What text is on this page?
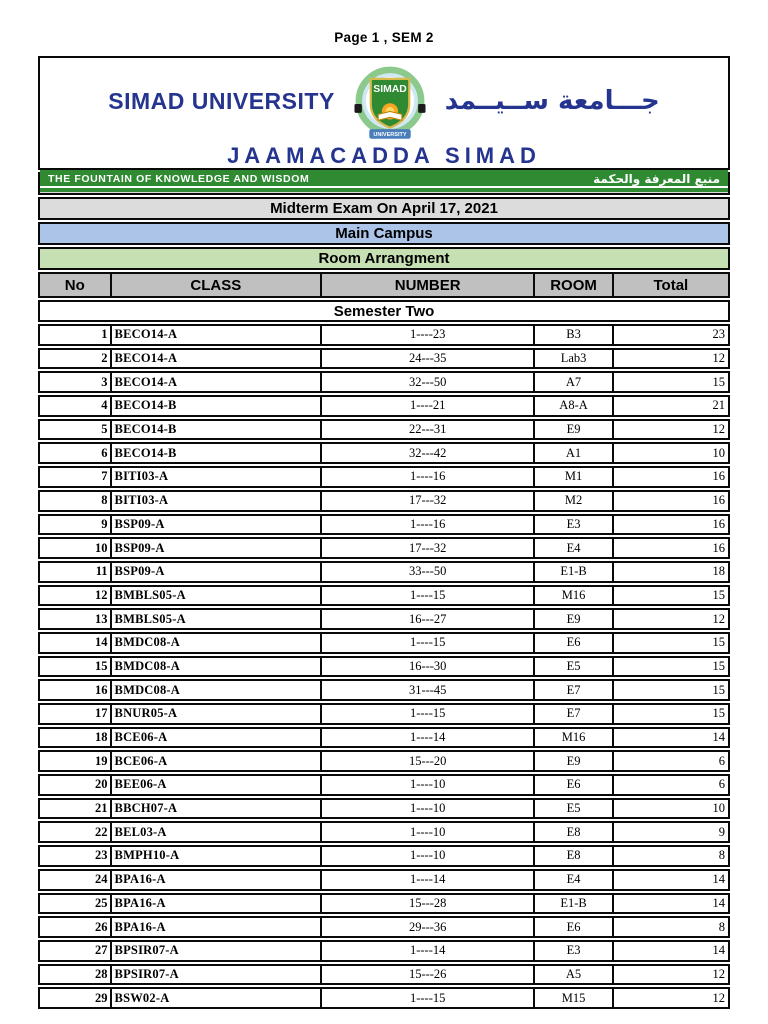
Page 1 , SEM 2
SIMAD UNIVERSITY	SIMAD
UNIVERSITY
جـــامعة ســيــمد
JAAMACADDA SIMAD
THE FOUNTAIN OF KNOWLEDGE AND WISDOM	منبع المعرفة والحكمة
Midterm Exam On April 17, 2021
Main Campus
Room Arrangment
No	CLASS	NUMBER	ROOM	Total
Semester Two
1 BECO14-A	1----23	B3	23
2 BECO14-A	24---35	Lab3	12
3 BECO14-A	32---50	A7	15
4 BECO14-B	1----21	A8-A	21
5 BECO14-B	22---31	E9	12
6 BECO14-B	32---42	A1	10
7 BITI03-A	1----16	M1	16
8 BITI03-A	17---32	M2	16
9 BSP09-A	1----16	E3	16
10 BSP09-A	17---32	E4	16
11 BSP09-A	33---50	E1-B	18
12 BMBLS05-A	1----15	M16	15
13 BMBLS05-A	16---27	E9	12
14 BMDC08-A	1----15	E6	15
15 BMDC08-A	16---30	E5	15
16 BMDC08-A	31---45	E7	15
17 BNUR05-A	1----15	E7	15
18 BCE06-A	1----14	M16	14
19 BCE06-A	15---20	E9	6
20 BEE06-A	1----10	E6	6
21 BBCH07-A	1----10	E5	10
22 BEL03-A	1----10	E8	9
23 BMPH10-A	1----10	E8	8
24 BPA16-A	1----14	E4	14
25 BPA16-A	15---28	E1-B	14
26 BPA16-A	29---36	E6	8
27 BPSIR07-A	1----14	E3	14
28 BPSIR07-A	15---26	A5	12
29 BSW02-A	1----15	M15	12
